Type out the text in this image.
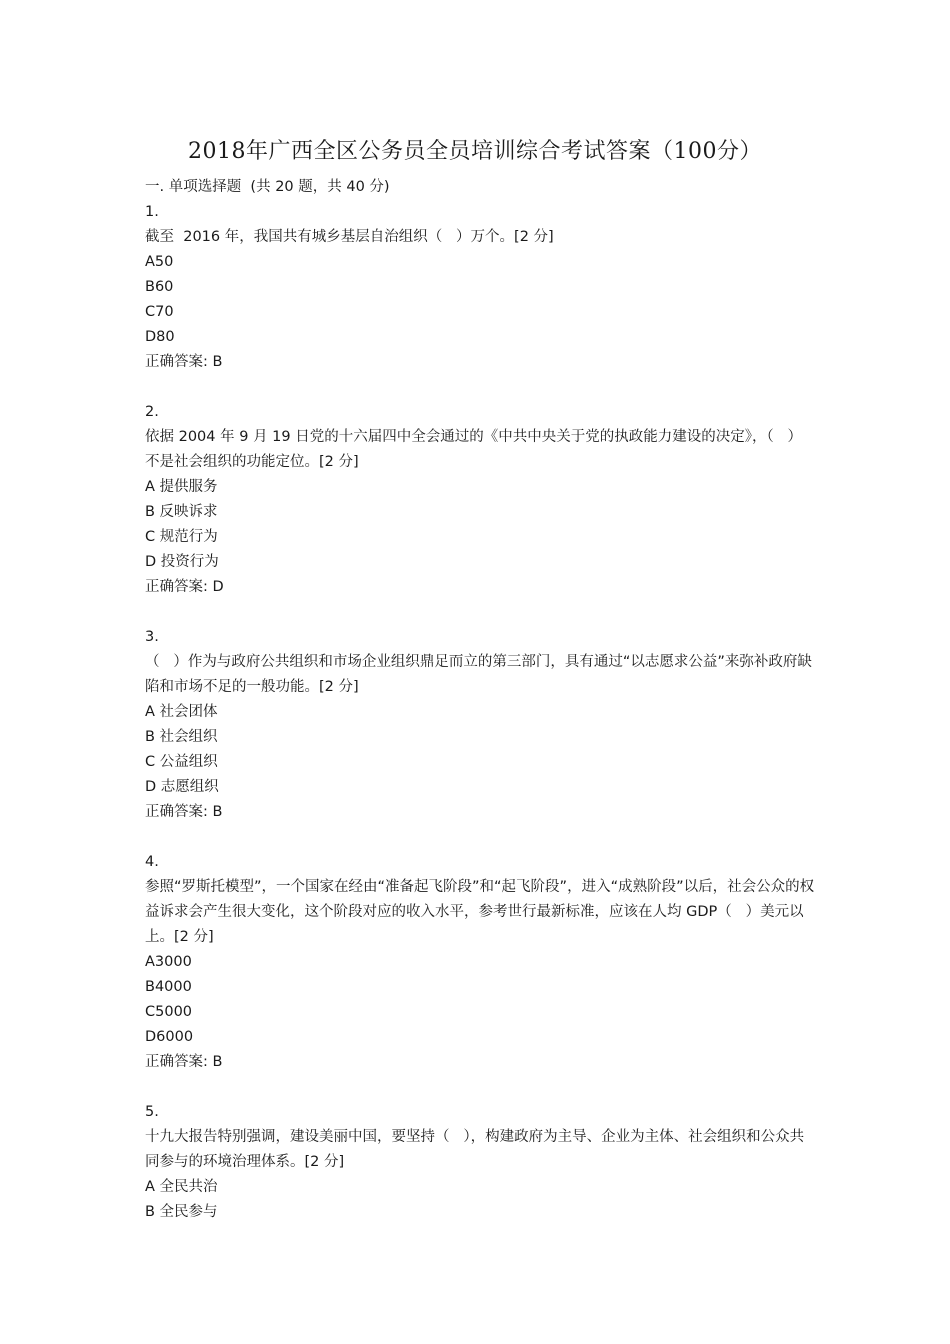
2018年广西全区公务员全员培训综合考试答案（100分）
一. 单项选择题  (共 20 题，共 40 分)
1.
截至  2016 年，我国共有城乡基层自治组织（   ）万个。[2 分]
A50
B60
C70
D80
正确答案: B
2.
依据 2004 年 9 月 19 日党的十六届四中全会通过的《中共中央关于党的执政能力建设的决定》，（   ）不是社会组织的功能定位。[2 分]
A 提供服务
B 反映诉求
C 规范行为
D 投资行为
正确答案: D
3.
（   ）作为与政府公共组织和市场企业组织鼎足而立的第三部门，具有通过“以志愿求公益”来弥补政府缺陷和市场不足的一般功能。[2 分]
A 社会团体
B 社会组织
C 公益组织
D 志愿组织
正确答案: B
4.
参照“罗斯托模型”，一个国家在经由“准备起飞阶段”和“起飞阶段”，进入“成熟阶段”以后，社会公众的权益诉求会产生很大变化，这个阶段对应的收入水平，参考世行最新标准，应该在人均 GDP（   ）美元以上。[2 分]
A3000
B4000
C5000
D6000
正确答案: B
5.
十九大报告特别强调，建设美丽中国，要坚持（   ），构建政府为主导、企业为主体、社会组织和公众共同参与的环境治理体系。[2 分]
A 全民共治
B 全民参与
